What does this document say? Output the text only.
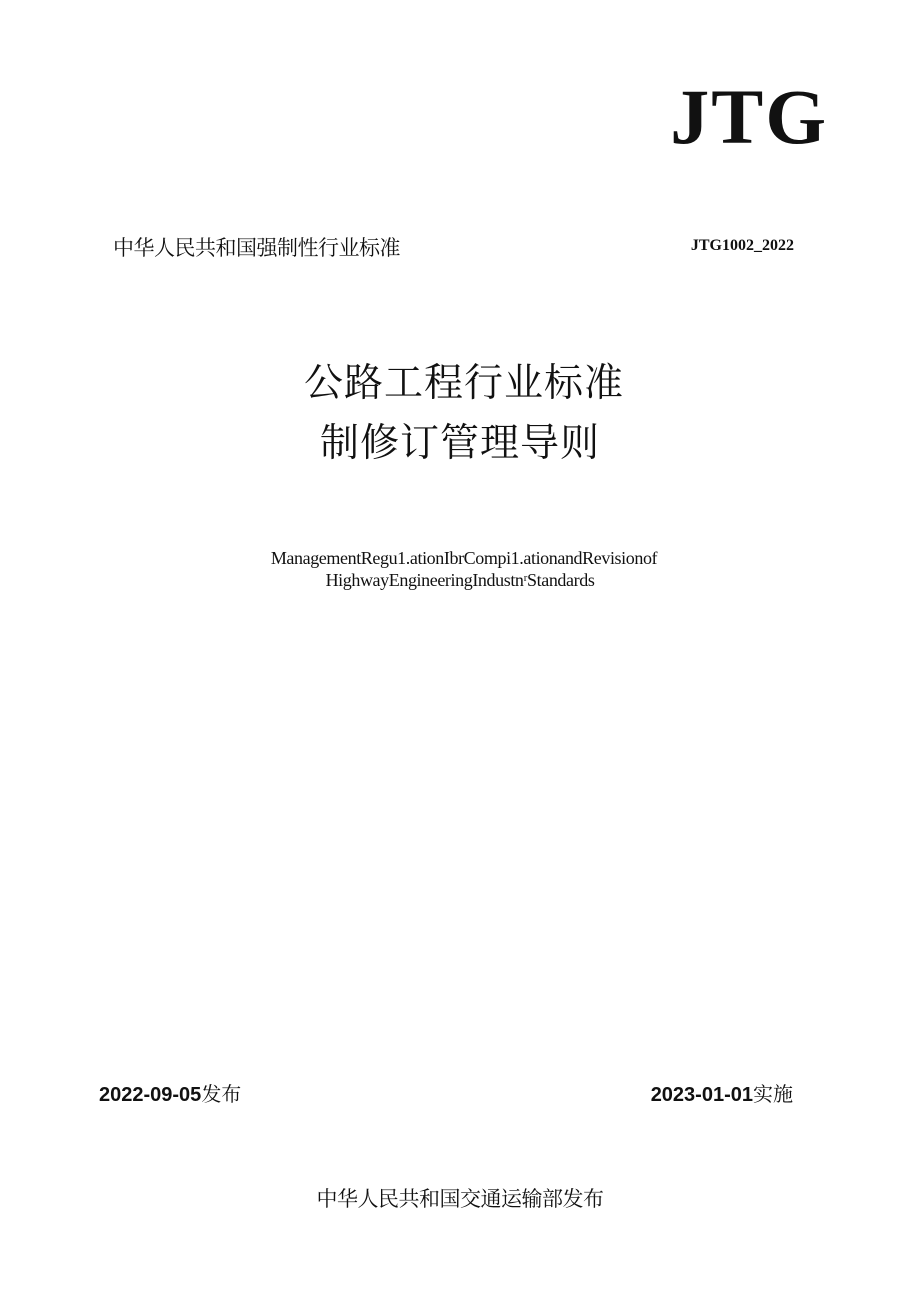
JTG
中华人民共和国强制性行业标准	JTG1002_2022
公路工程行业标准
制修订管理导则
ManagementRegu1.ationIbrCompi1.ationandRevisionof
HighwayEngineeringIndustnʳStandards
2022-09-05发布	2023-01-01实施
中华人民共和国交通运输部发布
